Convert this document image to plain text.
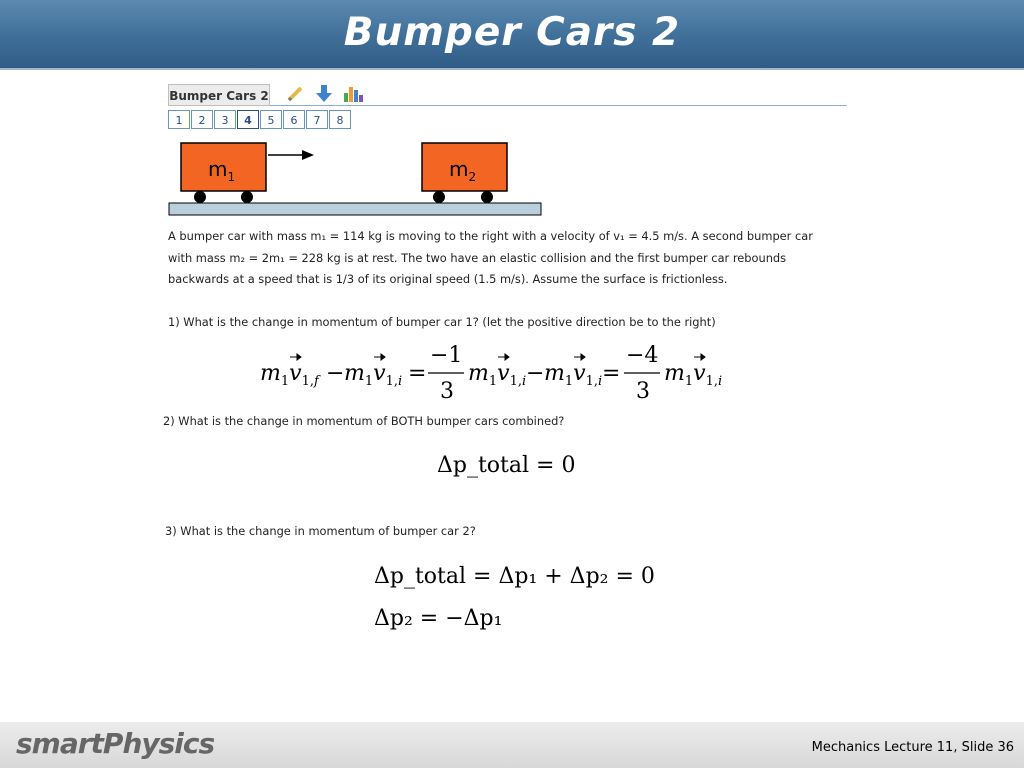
Bumper Cars 2
Bumper Cars 2
1	2	3	4	5	6	7	8
$m_1$	$m_2$
A bumper car with mass m₁ = 114 kg is moving to the right with a velocity of v₁ = 4.5 m/s. A second bumper car with mass m₂ = 2m₁ = 228 kg is at rest. The two have an elastic collision and the first bumper car rebounds backwards at a speed that is 1/3 of its original speed (1.5 m/s). Assume the surface is frictionless.
1) What is the change in momentum of bumper car 1? (let the positive direction be to the right)
$m_1v_{1,}f - m_1v_{1,}i$ =
−1
3
$m_1v_{1,}i - m_1v_{1,}i$ =
−4
3
$m_1v_{1,}i$
2) What is the change in momentum of BOTH bumper cars combined?
Δp_total = 0
3) What is the change in momentum of bumper car 2?
Δp_total = Δp₁ + Δp₂ = 0
Δp₂ = −Δp₁
smartPhysics	Mechanics Lecture 11, Slide 36
